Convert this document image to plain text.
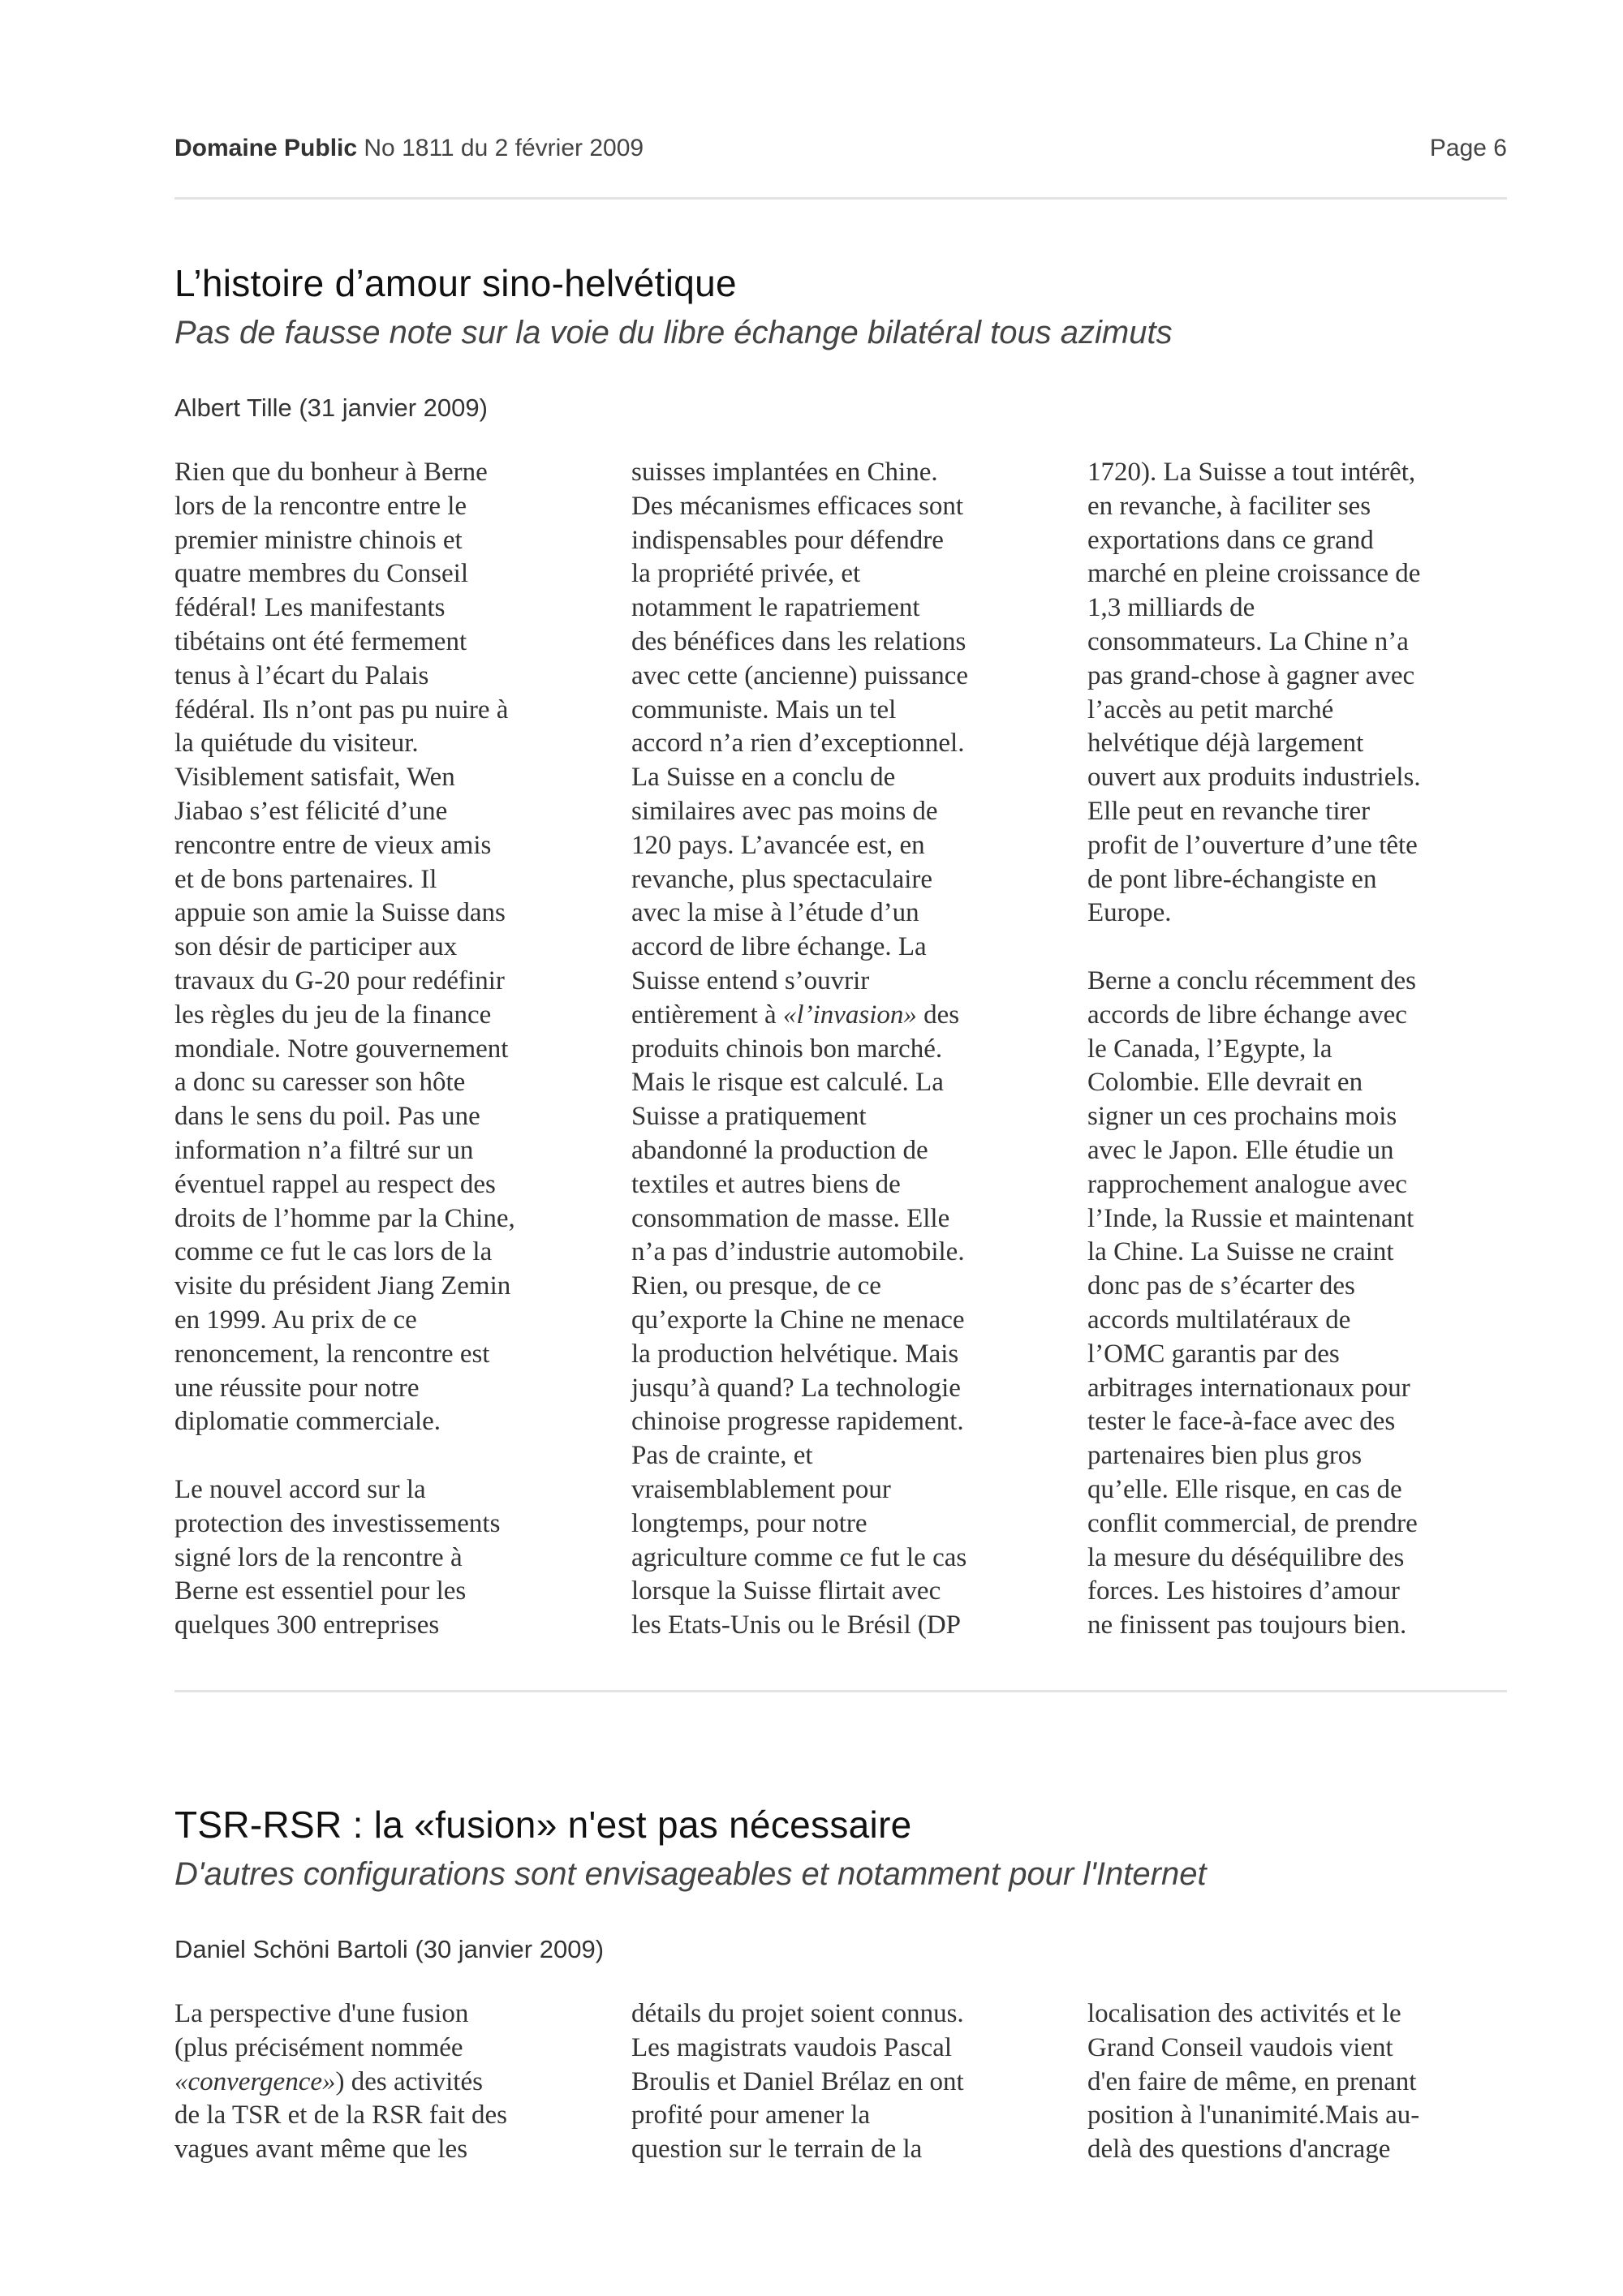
Domaine Public No 1811 du 2 février 2009	Page 6
L’histoire d’amour sino-helvétique
Pas de fausse note sur la voie du libre échange bilatéral tous azimuts
Albert Tille (31 janvier 2009)
Rien que du bonheur à Berne
lors de la rencontre entre le
premier ministre chinois et
quatre membres du Conseil
fédéral! Les manifestants
tibétains ont été fermement
tenus à l’écart du Palais
fédéral. Ils n’ont pas pu nuire à
la quiétude du visiteur.
Visiblement satisfait, Wen
Jiabao s’est félicité d’une
rencontre entre de vieux amis
et de bons partenaires. Il
appuie son amie la Suisse dans
son désir de participer aux
travaux du G-20 pour redéfinir
les règles du jeu de la finance
mondiale. Notre gouvernement
a donc su caresser son hôte
dans le sens du poil. Pas une
information n’a filtré sur un
éventuel rappel au respect des
droits de l’homme par la Chine,
comme ce fut le cas lors de la
visite du président Jiang Zemin
en 1999. Au prix de ce
renoncement, la rencontre est
une réussite pour notre
diplomatie commerciale.
Le nouvel accord sur la
protection des investissements
signé lors de la rencontre à
Berne est essentiel pour les
quelques 300 entreprises
suisses implantées en Chine.
Des mécanismes efficaces sont
indispensables pour défendre
la propriété privée, et
notamment le rapatriement
des bénéfices dans les relations
avec cette (ancienne) puissance
communiste. Mais un tel
accord n’a rien d’exceptionnel.
La Suisse en a conclu de
similaires avec pas moins de
120 pays. L’avancée est, en
revanche, plus spectaculaire
avec la mise à l’étude d’un
accord de libre échange. La
Suisse entend s’ouvrir
entièrement à «l’invasion» des
produits chinois bon marché.
Mais le risque est calculé. La
Suisse a pratiquement
abandonné la production de
textiles et autres biens de
consommation de masse. Elle
n’a pas d’industrie automobile.
Rien, ou presque, de ce
qu’exporte la Chine ne menace
la production helvétique. Mais
jusqu’à quand? La technologie
chinoise progresse rapidement.
Pas de crainte, et
vraisemblablement pour
longtemps, pour notre
agriculture comme ce fut le cas
lorsque la Suisse flirtait avec
les Etats-Unis ou le Brésil (DP
1720). La Suisse a tout intérêt,
en revanche, à faciliter ses
exportations dans ce grand
marché en pleine croissance de
1,3 milliards de
consommateurs. La Chine n’a
pas grand-chose à gagner avec
l’accès au petit marché
helvétique déjà largement
ouvert aux produits industriels.
Elle peut en revanche tirer
profit de l’ouverture d’une tête
de pont libre-échangiste en
Europe.
Berne a conclu récemment des
accords de libre échange avec
le Canada, l’Egypte, la
Colombie. Elle devrait en
signer un ces prochains mois
avec le Japon. Elle étudie un
rapprochement analogue avec
l’Inde, la Russie et maintenant
la Chine. La Suisse ne craint
donc pas de s’écarter des
accords multilatéraux de
l’OMC garantis par des
arbitrages internationaux pour
tester le face-à-face avec des
partenaires bien plus gros
qu’elle. Elle risque, en cas de
conflit commercial, de prendre
la mesure du déséquilibre des
forces. Les histoires d’amour
ne finissent pas toujours bien.
TSR-RSR : la «fusion» n'est pas nécessaire
D'autres configurations sont envisageables et notamment pour l'Internet
Daniel Schöni Bartoli (30 janvier 2009)
La perspective d'une fusion
(plus précisément nommée
«convergence») des activités
de la TSR et de la RSR fait des
vagues avant même que les
détails du projet soient connus.
Les magistrats vaudois Pascal
Broulis et Daniel Brélaz en ont
profité pour amener la
question sur le terrain de la
localisation des activités et le
Grand Conseil vaudois vient
d'en faire de même, en prenant
position à l'unanimité.Mais au-
delà des questions d'ancrage
